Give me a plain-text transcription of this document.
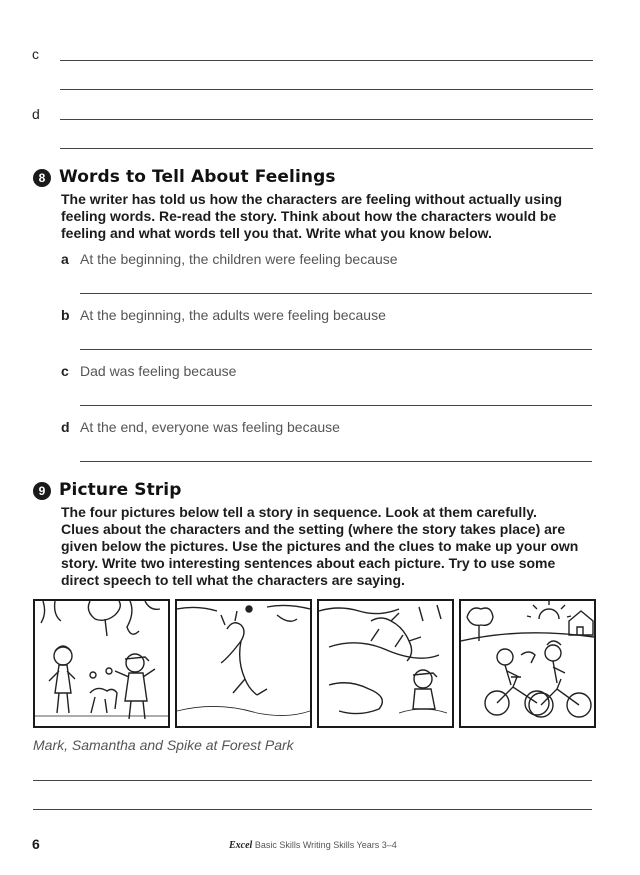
c
d
8 Words to Tell About Feelings
The writer has told us how the characters are feeling without actually using
feeling words. Re-read the story. Think about how the characters would be
feeling and what words tell you that. Write what you know below.
a At the beginning, the children were feeling because
b At the beginning, the adults were feeling because
c Dad was feeling because
d At the end, everyone was feeling because
9 Picture Strip
The four pictures below tell a story in sequence. Look at them carefully.
Clues about the characters and the setting (where the story takes place) are
given below the pictures. Use the pictures and the clues to make up your own
story. Write two interesting sentences about each picture. Try to use some
direct speech to tell what the characters are saying.
Mark, Samantha and Spike at Forest Park
6	Excel Basic Skills Writing Skills Years 3–4
